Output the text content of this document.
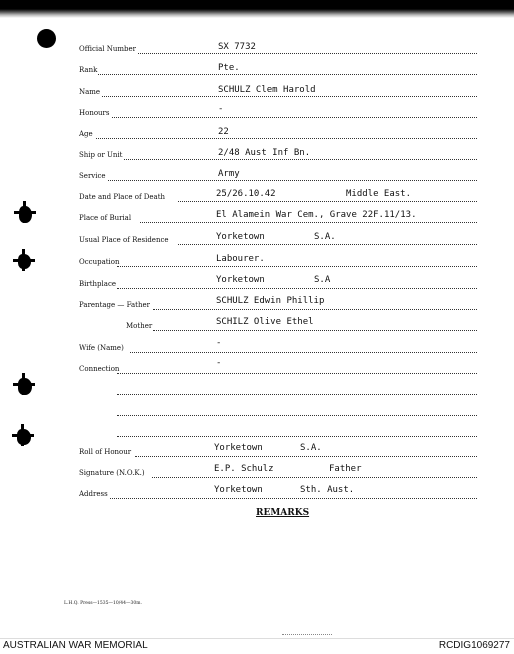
Official Number	SX 7732
Rank	Pte.
Name	SCHULZ Clem Harold
Honours	-
Age	22
Ship or Unit	2/48 Aust Inf Bn.
Service	Army
Date and Place of Death	25/26.10.42	Middle East.
Place of Burial	El Alamein War Cem., Grave 22F.11/13.
Usual Place of Residence	Yorketown	S.A.
Occupation	Labourer.
Birthplace	Yorketown	S.A
Parentage — Father	SCHULZ Edwin Phillip
Mother	SCHILZ Olive Ethel
Wife (Name)	-
Connection
-
Roll of Honour	Yorketown	S.A.
Signature (N.O.K.)	E.P. Schulz	Father
Address	Yorketown	Sth. Aust.
REMARKS
L.H.Q. Press—1535—10/44—30m.
AUSTRALIAN WAR MEMORIAL	RCDIG1069277
